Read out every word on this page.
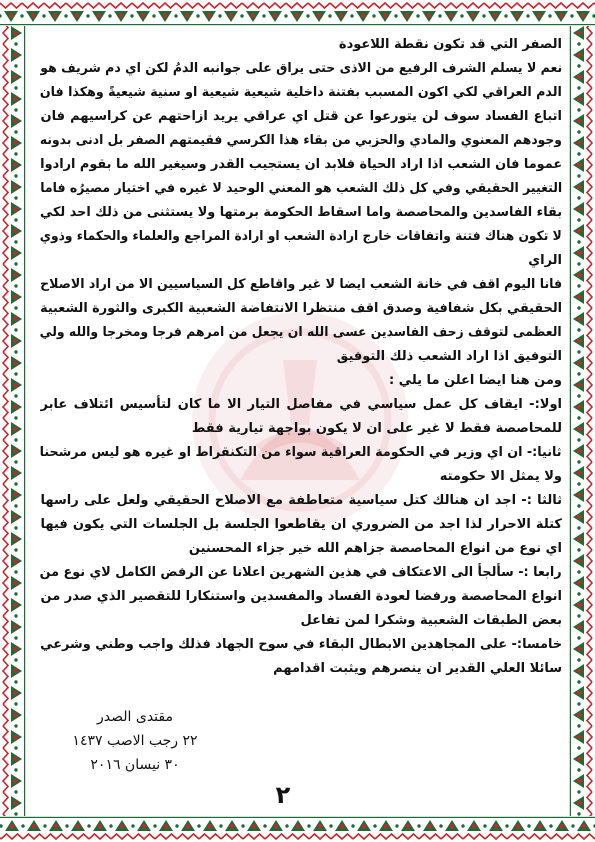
الصفر التي قد تكون نقطة اللاعودة
نعم لا يسلم الشرف الرفيع من الاذى حتى يراق على جوانبه الدمُ لكن اي دم شريف هو
الدم العراقي لكي اكون المسبب بفتنة داخلية شيعية شيعية او سنية شيعيةً وهكذا فان
اتباع الفساد سوف لن يتورعوا عن قتل اي عراقي يريد ازاحتهم عن كراسيهم فان
وجودهم المعنوي والمادي والحزبي من بقاء هذا الكرسي فقيمتهم الصفر بل ادنى بدونه
عموما فان الشعب اذا اراد الحياة فلابد ان يستجيب القدر وسيغير الله ما بقوم ارادوا
التغيير الحقيقي وفي كل ذلك الشعب هو المعني الوحيد لا غيره في اختيار مصيرُه فاما
بقاء الفاسدين والمحاصصة واما اسقاط الحكومة برمتها ولا يستثنى من ذلك احد لكي
لا تكون هناك فتنة واتفاقات خارج ارادة الشعب او ارادة المراجع والعلماء والحكماء وذوي
الراي
فانا اليوم اقف في خانة الشعب ايضا لا غير واقاطع كل السياسيين الا من اراد الاصلاح
الحقيقي بكل شفافية وصدق اقف منتظرا الانتفاضة الشعبية الكبرى والثورة الشعبية
العظمى لتوقف زحف الفاسدين عسى الله ان يجعل من امرهم فرجا ومخرجا والله ولي
التوفيق اذا اراد الشعب ذلك التوفيق
ومن هنا ايضا اعلن ما يلي :
اولا:- ايقاف كل عمل سياسي في مفاصل التيار الا ما كان لتأسيس ائتلاف عابر
للمحاصصة فقط لا غير على ان لا يكون بواجهة تيارية فقط
ثانيا:- ان اي وزير في الحكومة العراقية سواء من التكنقراط او غيره هو ليس مرشحنا
ولا يمثل الا حكومته
ثالثا :- اجد ان هنالك كتل سياسية متعاطفة مع الاصلاح الحقيقي ولعل على راسها
كتلة الاحرار لذا اجد من الضروري ان يقاطعوا الجلسة بل الجلسات التي يكون فيها
اي نوع من انواع المحاصصة جزاهم الله خير جزاء المحسنين
رابعا :- سألجأ الى الاعتكاف في هذين الشهرين اعلانا عن الرفض الكامل لاي نوع من
انواع المحاصصة ورفضا لعودة الفساد والمفسدين واستنكارا للتقصير الذي صدر من
بعض الطبقات الشعبية وشكرا لمن تفاعل
خامسا:- على المجاهدين الابطال البقاء في سوح الجهاد فذلك واجب وطني وشرعي
سائلا العلي القدير ان ينصرهم ويثبت اقدامهم
مقتدى الصدر
٢٢ رجب الاصب ١٤٣٧
٣٠ نيسان ٢٠١٦
٢
